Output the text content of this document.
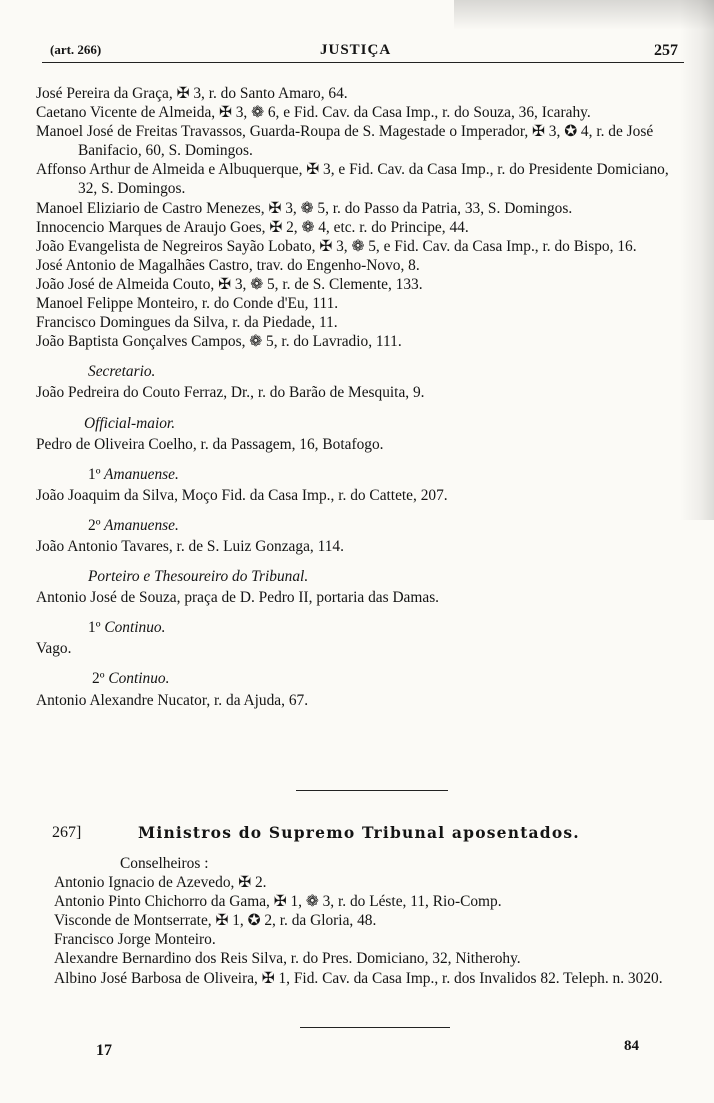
(art. 266)	JUSTIÇA	257

José Pereira da Graça, ✠ 3, r. do Santo Amaro, 64.

Caetano Vicente de Almeida, ✠ 3, ❁ 6, e Fid. Cav. da Casa Imp., r. do Souza, 36, Icarahy.

Manoel José de Freitas Travassos, Guarda-Roupa de S. Magestade o Imperador, ✠ 3, ✪ 4, r. de José Banifacio, 60, S. Domingos.

Affonso Arthur de Almeida e Albuquerque, ✠ 3, e Fid. Cav. da Casa Imp., r. do Presidente Domiciano, 32, S. Domingos.

Manoel Eliziario de Castro Menezes, ✠ 3, ❁ 5, r. do Passo da Patria, 33, S. Domingos.

Innocencio Marques de Araujo Goes, ✠ 2, ❁ 4, etc. r. do Principe, 44.

João Evangelista de Negreiros Sayão Lobato, ✠ 3, ❁ 5, e Fid. Cav. da Casa Imp., r. do Bispo, 16.

José Antonio de Magalhães Castro, trav. do Engenho-Novo, 8.

João José de Almeida Couto, ✠ 3, ❁ 5, r. de S. Clemente, 133.

Manoel Felippe Monteiro, r. do Conde d'Eu, 111.

Francisco Domingues da Silva, r. da Piedade, 11.

João Baptista Gonçalves Campos, ❁ 5, r. do Lavradio, 111.

Secretario.

João Pedreira do Couto Ferraz, Dr., r. do Barão de Mesquita, 9.

Official-maior.

Pedro de Oliveira Coelho, r. da Passagem, 16, Botafogo.

1º Amanuense.

João Joaquim da Silva, Moço Fid. da Casa Imp., r. do Cattete, 207.

2º Amanuense.

João Antonio Tavares, r. de S. Luiz Gonzaga, 114.

Porteiro e Thesoureiro do Tribunal.

Antonio José de Souza, praça de D. Pedro II, portaria das Damas.

1º Continuo.

Vago.

2º Continuo.

Antonio Alexandre Nucator, r. da Ajuda, 67.

267]	Ministros do Supremo Tribunal aposentados.

Conselheiros :

Antonio Ignacio de Azevedo, ✠ 2.

Antonio Pinto Chichorro da Gama, ✠ 1, ❁ 3, r. do Léste, 11, Rio-Comp.

Visconde de Montserrate, ✠ 1, ✪ 2, r. da Gloria, 48.

Francisco Jorge Monteiro.

Alexandre Bernardino dos Reis Silva, r. do Pres. Domiciano, 32, Nitherohy.

Albino José Barbosa de Oliveira, ✠ 1, Fid. Cav. da Casa Imp., r. dos Invalidos 82. Teleph. n. 3020.

17	84
